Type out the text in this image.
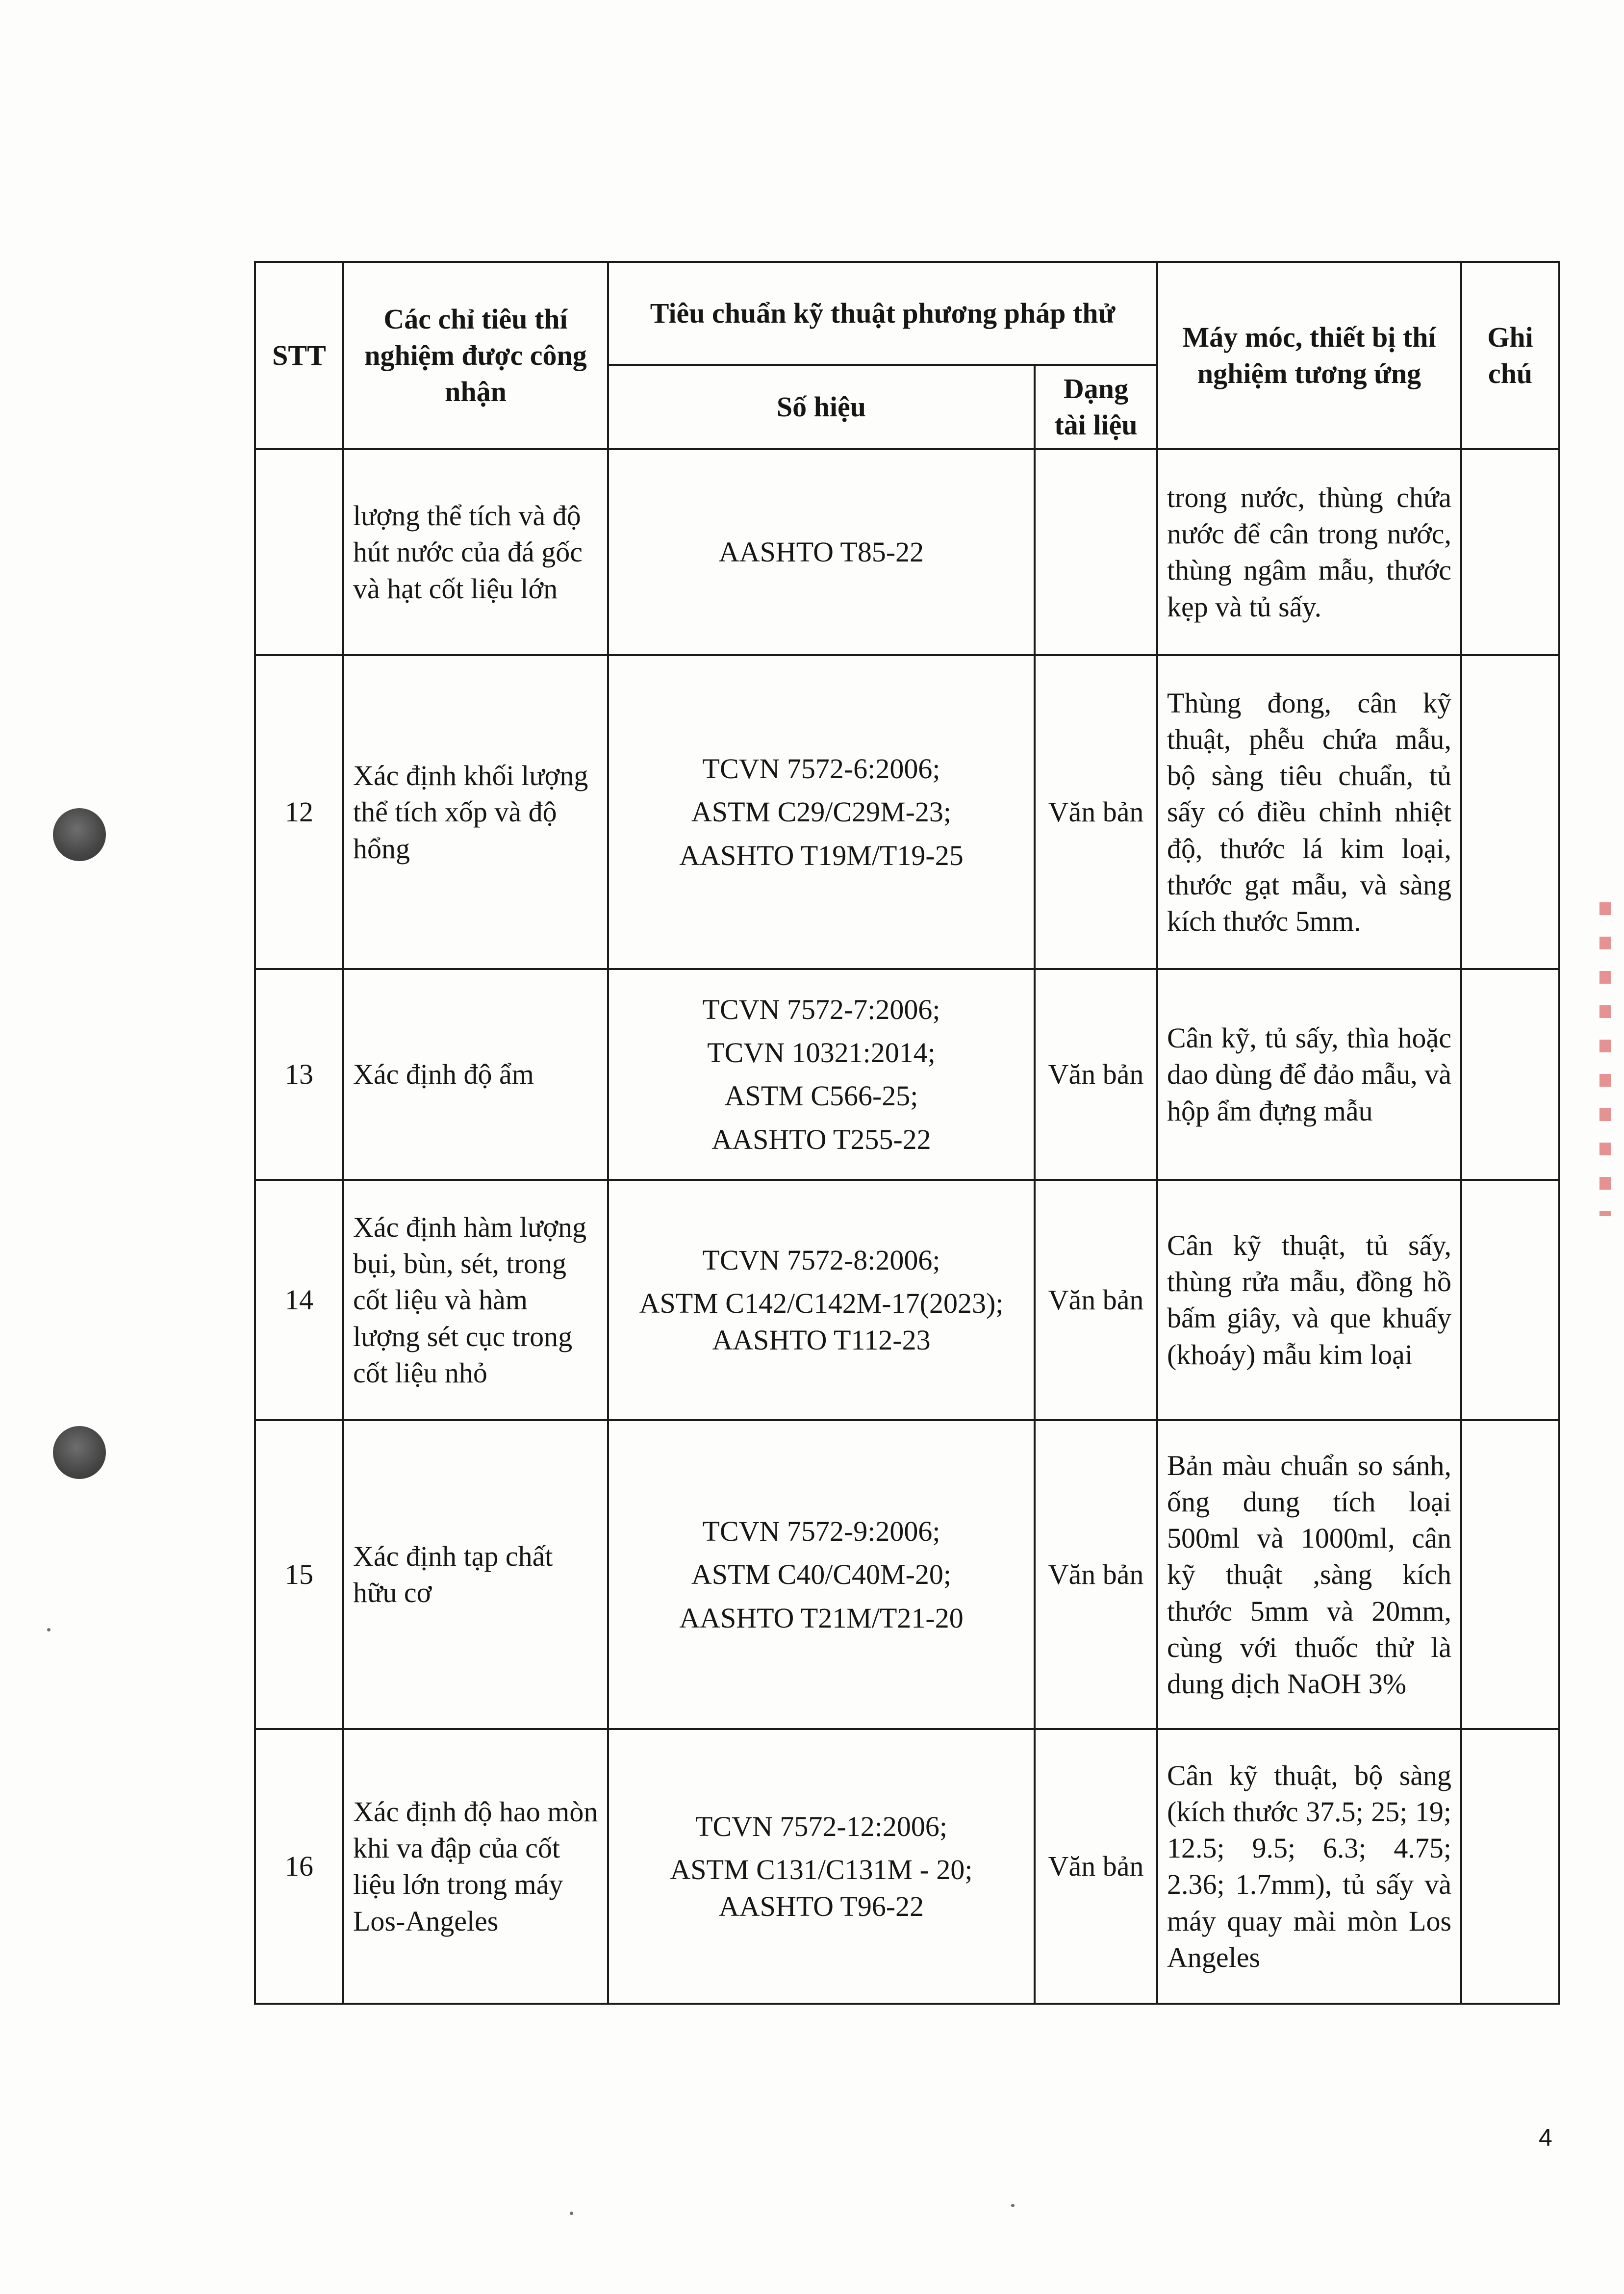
STT	Các chỉ tiêu thí nghiệm được công nhận	Tiêu chuẩn kỹ thuật phương pháp thử		Máy móc, thiết bị thí nghiệm tương ứng	Ghi chú
		Số hiệu	Dạng tài liệu		
	lượng thể tích và độ hút nước của đá gốc và hạt cốt liệu lớn	AASHTO T85-22		trong nước, thùng chứa nước để cân trong nước, thùng ngâm mẫu, thước kẹp và tủ sấy.	
12	Xác định khối lượng thể tích xốp và độ hổng	TCVN 7572-6:2006;
ASTM C29/C29M-23;
AASHTO T19M/T19-25	Văn bản	Thùng đong, cân kỹ thuật, phễu chứa mẫu, bộ sàng tiêu chuẩn, tủ sấy có điều chỉnh nhiệt độ, thước lá kim loại, thước gạt mẫu, và sàng kích thước 5mm.	
13	Xác định độ ẩm	TCVN 7572-7:2006;
TCVN 10321:2014;
ASTM C566-25;
AASHTO T255-22	Văn bản	Cân kỹ, tủ sấy, thìa hoặc dao dùng để đảo mẫu, và hộp ẩm đựng mẫu	
14	Xác định hàm lượng bụi, bùn, sét, trong cốt liệu và hàm lượng sét cục trong cốt liệu nhỏ	TCVN 7572-8:2006;
ASTM C142/C142M-17(2023); AASHTO T112-23	Văn bản	Cân kỹ thuật, tủ sấy, thùng rửa mẫu, đồng hồ bấm giây, và que khuấy (khoáy) mẫu kim loại	
15	Xác định tạp chất hữu cơ	TCVN 7572-9:2006;
ASTM C40/C40M-20;
AASHTO T21M/T21-20	Văn bản	Bản màu chuẩn so sánh, ống dung tích loại 500ml và 1000ml, cân kỹ thuật ,sàng kích thước 5mm và 20mm, cùng với thuốc thử là dung dịch NaOH 3%	
16	Xác định độ hao mòn khi va đập của cốt liệu lớn trong máy Los-Angeles	TCVN 7572-12:2006;
ASTM C131/C131M - 20; AASHTO T96-22	Văn bản	Cân kỹ thuật, bộ sàng (kích thước 37.5; 25; 19; 12.5; 9.5; 6.3; 4.75; 2.36; 1.7mm), tủ sấy và máy quay mài mòn Los Angeles	
4
